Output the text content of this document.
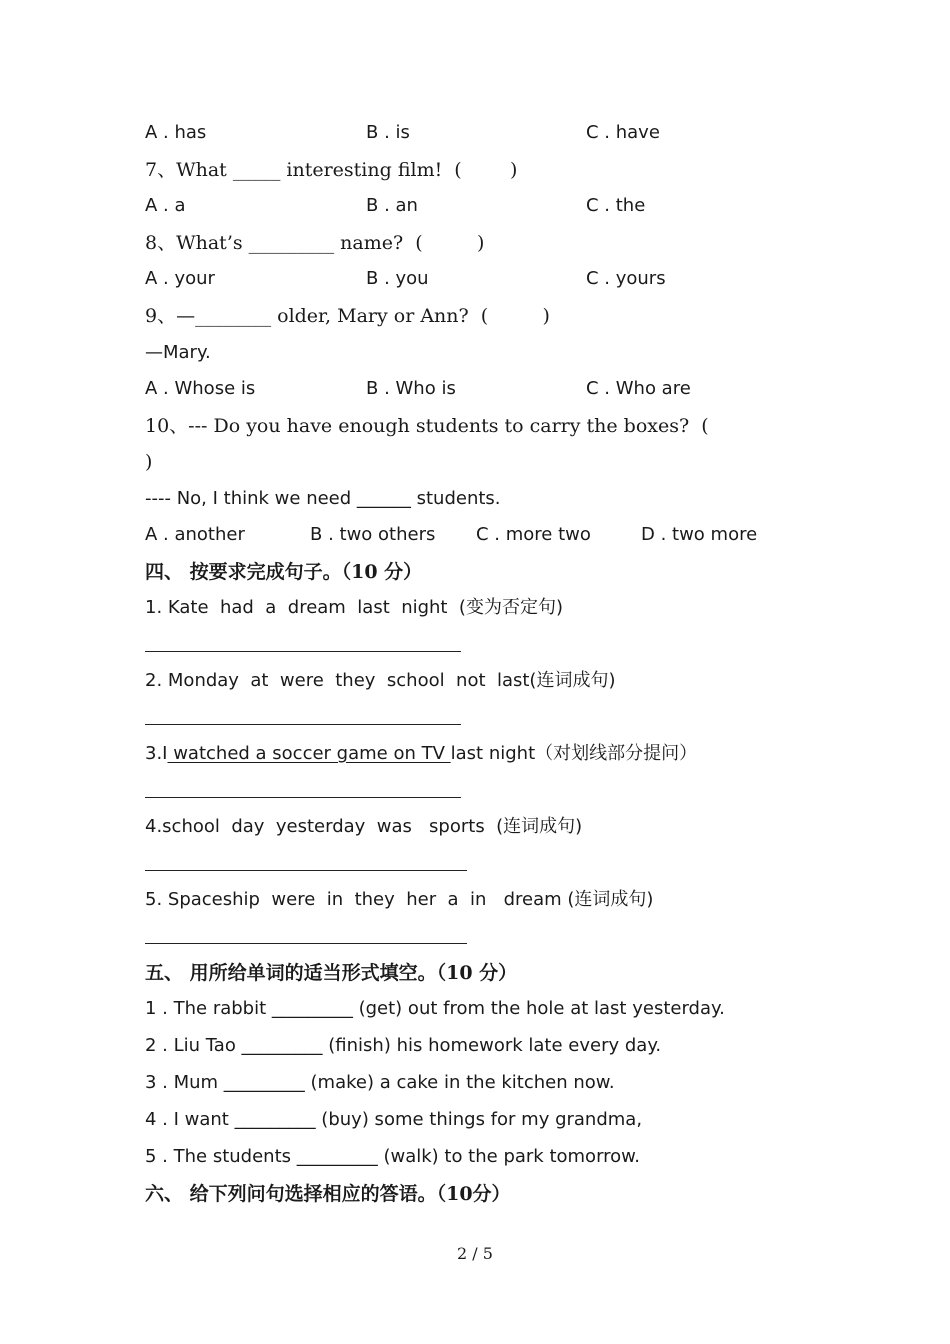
A . has	B . is	C . have
7、What _____ interesting film!  (        )
A . a	B . an	C . the
8、What’s _________ name?  (         )
A . your	B . you	C . yours
9、—________ older, Mary or Ann?  (         )
—Mary.
A . Whose is	B . Who is	C . Who are
10、--- Do you have enough students to carry the boxes?  (
)
---- No, I think we need ______ students.
A . another	B . two others C . more two	D . two more
四、 按要求完成句子。（10 分）
1. Kate  had  a  dream  last  night  (变为否定句)
2. Monday  at  were  they  school  not  last(连词成句)
3.I watched a soccer game on TV last night（对划线部分提问）
4.school  day  yesterday  was   sports  (连词成句)
5. Spaceship  were  in  they  her  a  in   dream (连词成句)
五、 用所给单词的适当形式填空。（10 分）
1 . The rabbit _________ (get) out from the hole at last yesterday.
2 . Liu Tao _________ (finish) his homework late every day.
3 . Mum _________ (make) a cake in the kitchen now.
4 . I want _________ (buy) some things for my grandma,
5 . The students _________ (walk) to the park tomorrow.
六、 给下列问句选择相应的答语。（10分）
2 / 5
